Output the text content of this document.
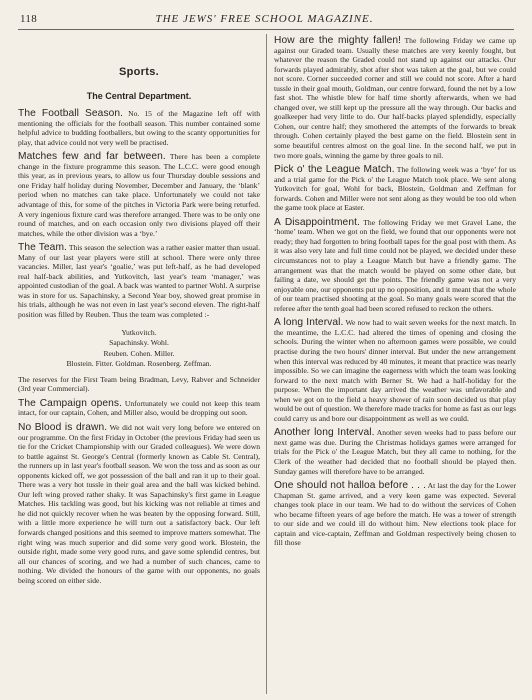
118	THE JEWS' FREE SCHOOL MAGAZINE.
Sports.
The Central Department.

The Football Season. No. 15 of the Magazine left off with mentioning the officials for the football season. This number contained some helpful advice to budding footballers, but owing to the scanty opportunities for play, that advice could not very well be practised.

Matches few and far between. There has been a complete change in the fixture programme this season. The L.C.C. were good enough this year, as in previous years, to allow us four Thursday double sessions and one Friday half holiday during November, December and January, the ‘blank’ period when no matches can take place. Unfortunately we could not take advantage of this, for some of the pitches in Victoria Park were being returfed. A very ingenious fixture card was therefore arranged. There was to be only one round of matches, and on each occasion only two divisions played off their matches, while the other division was a ‘bye.’

The Team. This season the selection was a rather easier matter than usual. Many of our last year players were still at school. There were only three vacancies. Miller, last year's ‘goalie,’ was put left-half, as he had developed real half-back abilities, and Yutkovitch, last year's team ‘manager,’ was appointed custodian of the goal. A back was wanted to partner Wohl. A surprise was in store for us. Sapachinsky, a Second Year boy, showed great promise in his trials, although he was not even in last year's second eleven. The right-half position was filled by Reuben. Thus the team was completed :-

Yutkovitch.
Sapachinsky. Wohl.
Reuben. Cohen. Miller.
Blostein. Fitter. Goldman. Rosenberg. Zeffman.

The reserves for the First Team being Bradman, Levy, Rabver and Schneider (3rd year Commercial).

The Campaign opens. Unfortunately we could not keep this team intact, for our captain, Cohen, and Miller also, would be dropping out soon.

No Blood is drawn. We did not wait very long before we entered on our programme. On the first Friday in October (the previous Friday had seen us tie for the Cricket Championship with our Graded colleagues). We were down to battle against St. George's Central (formerly known as Cable St. Central), the runners up in last year's football season. We won the toss and as soon as our opponents kicked off, we got possession of the ball and ran it up to their goal. There was a very hot tussle in their goal area and the ball was kicked behind. Our left wing proved rather shaky. It was Sapachinsky's first game in League Matches. His tackling was good, but his kicking was not reliable at times and he did not quickly recover when he was beaten by the opposing forward. Still, with a little more experience he will turn out a satisfactory back. Our left forwards changed positions and this seemed to improve matters somewhat. The right wing was much superior and did some very good work. Blostein, the outside right, made some very good runs, and gave some splendid centres, but all our chances of scoring, and we had a number of such chances, came to nothing. We divided the honours of the game with our opponents, no goals being scored on either side.

How are the mighty fallen! The following Friday we came up against our Graded team. Usually these matches are very keenly fought, but whatever the reason the Graded could not stand up against our attacks. Our forwards played admirably, shot after shot was taken at the goal, but we could not score. Corner succeeded corner and still we could not score. After a hard tussle in their goal mouth, Goldman, our centre forward, found the net by a low fast shot. The whistle blew for half time shortly afterwards, when we had changed over, we still kept up the pressure all the way through. Our backs and goalkeeper had very little to do. Our half-backs played splendidly, especially Cohen, our centre half; they smothered the attempts of the forwards to break through. Cohen certainly played the best game on the field. Blostein sent in some beautiful centres almost on the goal line. In the second half, we put in two more goals, winning the game by three goals to nil.

Pick o' the League Match. The following week was a ‘bye’ for us and a trial game for the Pick o' the League Match took place. We sent along Yutkovitch for goal, Wohl for back, Blostein, Goldman and Zeffman for forwards. Cohen and Miller were not sent along as they would be too old when the game took place at Easter.

A Disappointment. The following Friday we met Gravel Lane, the ‘home’ team. When we got on the field, we found that our opponents were not ready; they had forgotten to bring football tapes for the goal post with them. As it was also very late and full time could not be played, we decided under these circumstances not to play a League Match but have a friendly game. The arrangement was that the match would be played on some other date, but failing a date, we should get the points. The friendly game was not a very enjoyable one, our opponents put up no opposition, and it meant that the whole of our team practised shooting at the goal. So many goals were scored that the referee after the tenth goal had been scored refused to reckon the others.

A long Interval. We now had to wait seven weeks for the next match. In the meantime, the L.C.C. had altered the times of opening and closing the schools. During the winter when no afternoon games were possible, we could practise during the two hours' dinner interval. But under the new arrangement when this interval was reduced by 40 minutes, it meant that practice was nearly impossible. So we can imagine the eagerness with which the team was looking forward to the next match with Berner St. We had a half-holiday for the purpose. When the important day arrived the weather was unfavorable and when we got on to the field a heavy shower of rain soon decided us that play would be out of question. We therefore made tracks for home as fast as our legs could carry us and bore our disappointment as well as we could.

Another long Interval. Another seven weeks had to pass before our next game was due. During the Christmas holidays games were arranged for trials for the Pick o' the League Match, but they all came to nothing, for the Clerk of the weather had decided that no football should be played then. Sunday games will therefore have to be arranged.

One should not halloa before . . . At last the day for the Lower Chapman St. game arrived, and a very keen game was expected. Several changes took place in our team. We had to do without the services of Cohen who became fifteen years of age before the match. He was a tower of strength to our side and we could ill do without him. New elections took place for captain and vice-captain, Zeffman and Goldman respectively being chosen to fill those
